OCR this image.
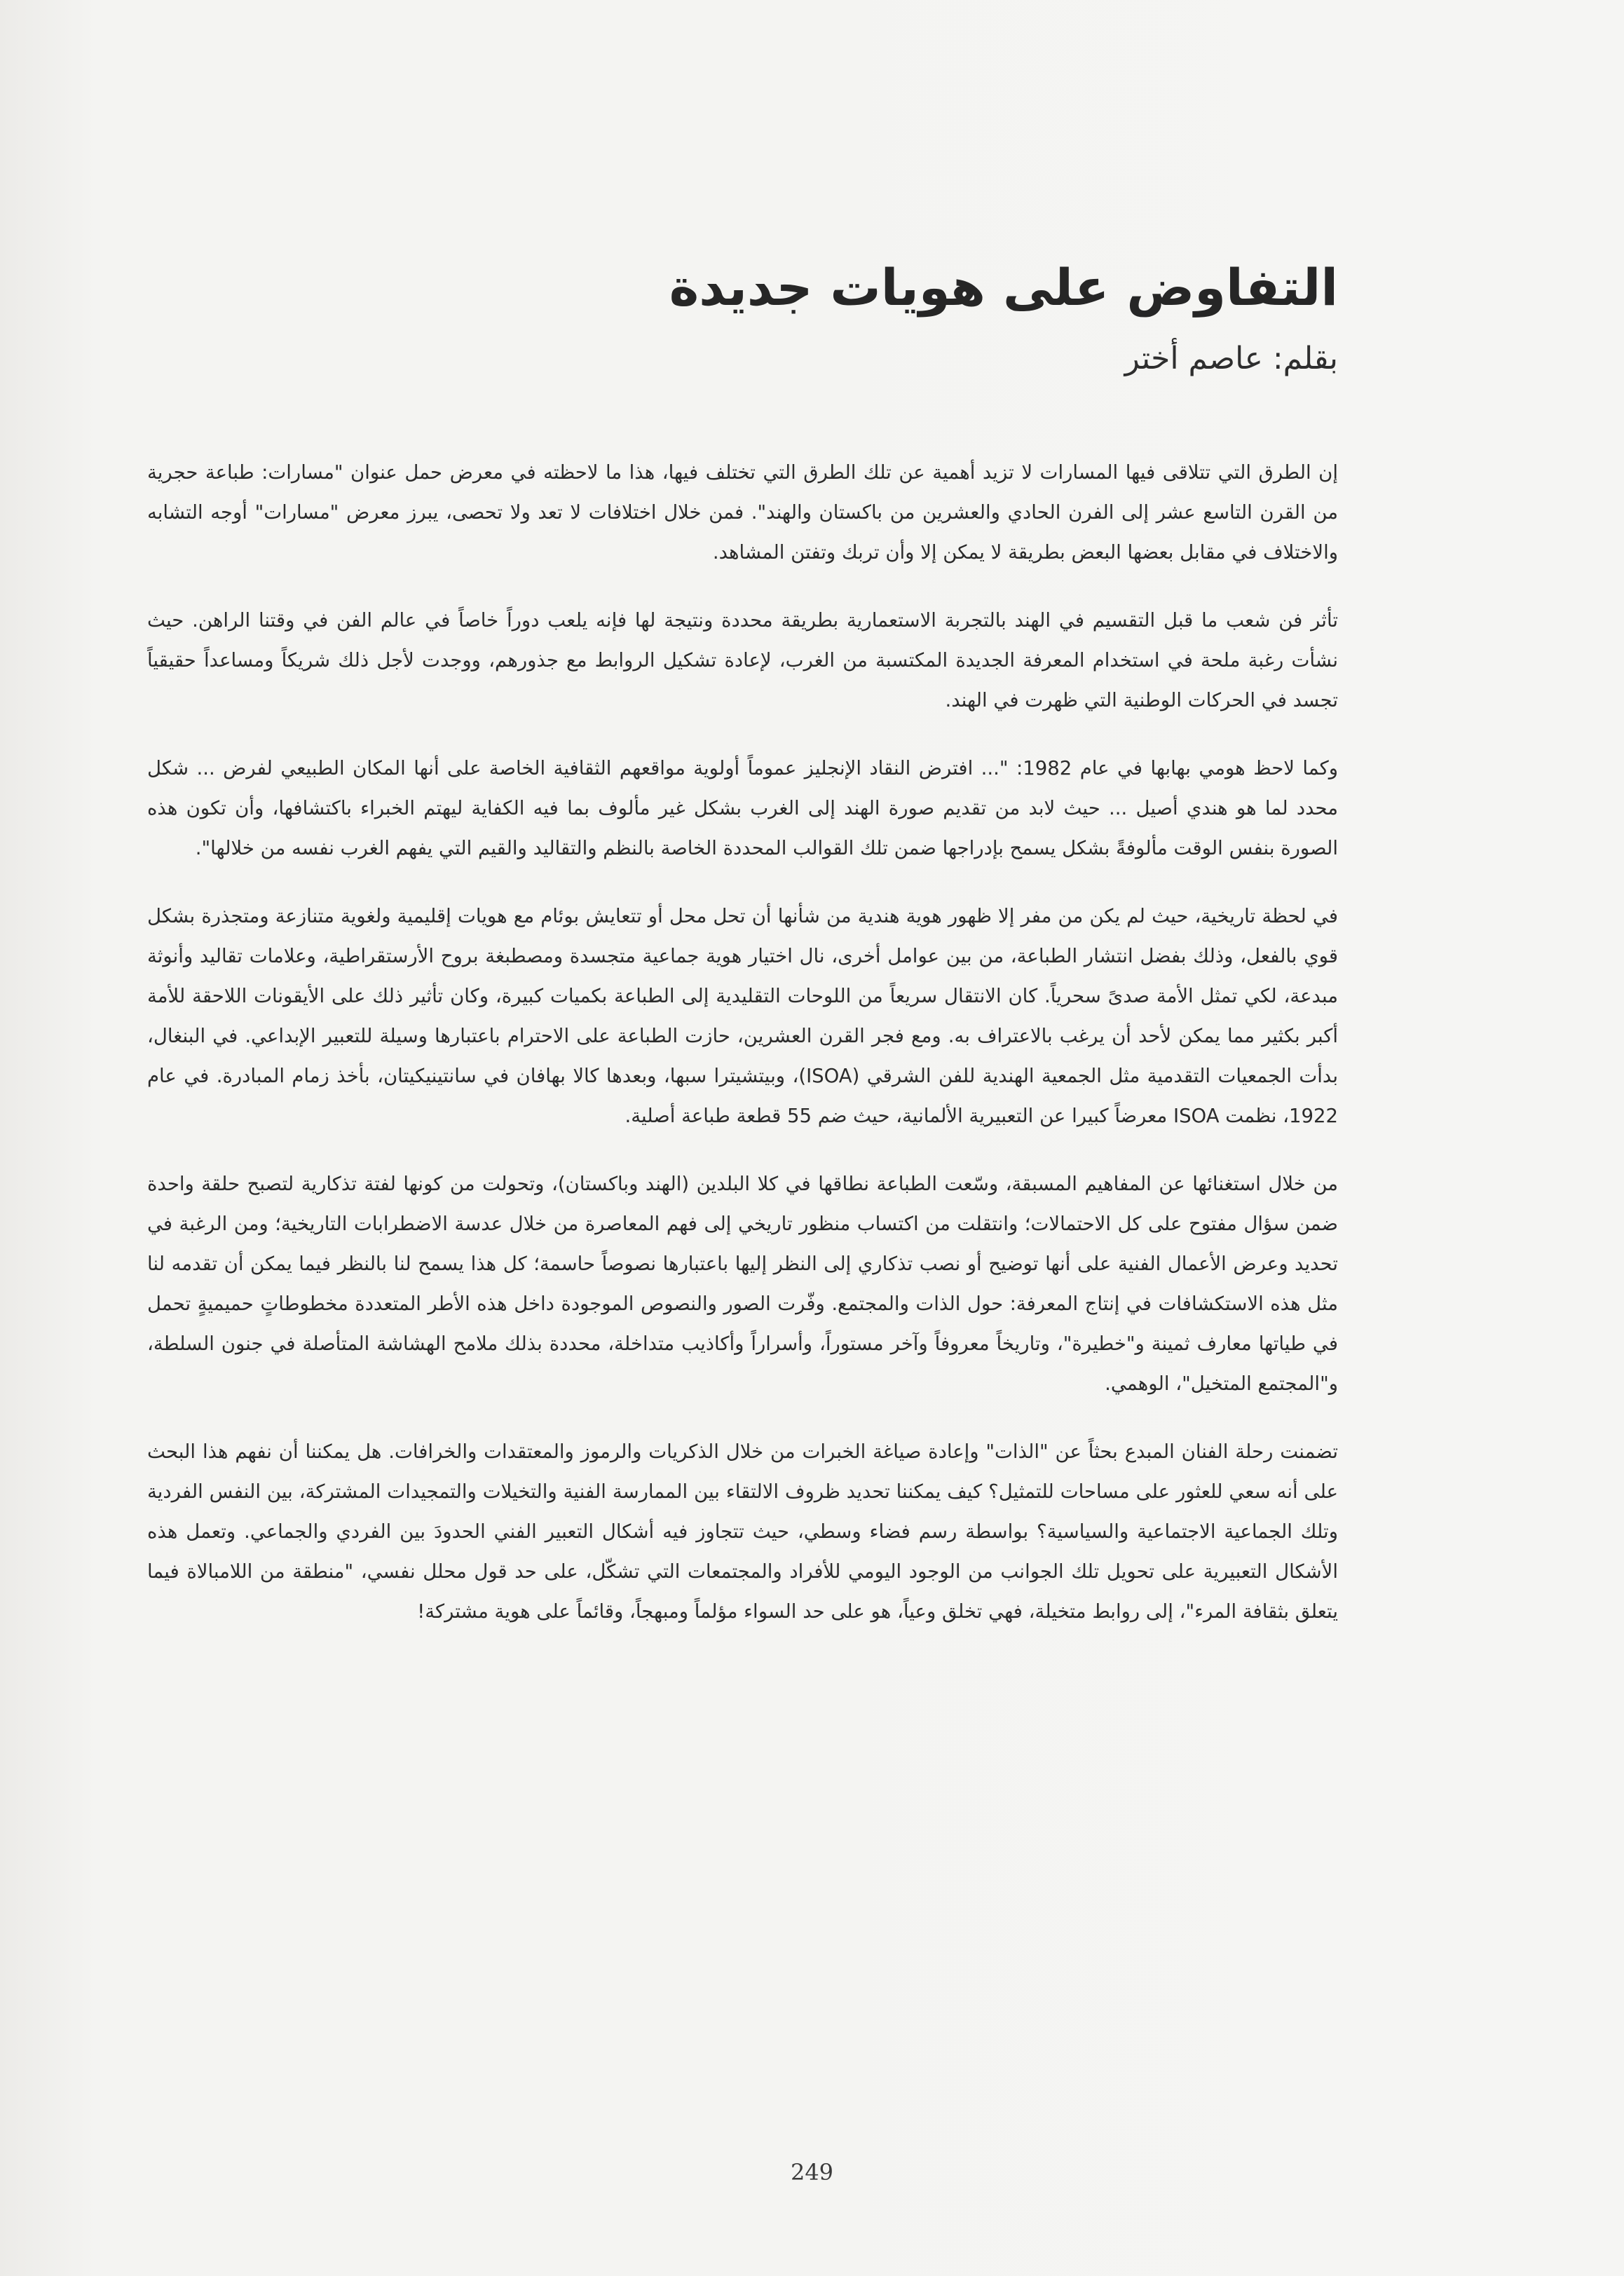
التفاوض على هويات جديدة
بقلم: عاصم أختر

إن الطرق التي تتلاقى فيها المسارات لا تزيد أهمية عن تلك الطرق التي تختلف فيها، هذا ما لاحظته في معرض حمل عنوان "مسارات: طباعة حجرية من القرن التاسع عشر إلى الفرن الحادي والعشرين من باكستان والهند". فمن خلال اختلافات لا تعد ولا تحصى، يبرز معرض "مسارات" أوجه التشابه والاختلاف في مقابل بعضها البعض بطريقة لا يمكن إلا وأن تربك وتفتن المشاهد.

تأثر فن شعب ما قبل التقسيم في الهند بالتجربة الاستعمارية بطريقة محددة ونتيجة لها فإنه يلعب دوراً خاصاً في عالم الفن في وقتنا الراهن. حيث نشأت رغبة ملحة في استخدام المعرفة الجديدة المكتسبة من الغرب، لإعادة تشكيل الروابط مع جذورهم، ووجدت لأجل ذلك شريكاً ومساعداً حقيقياً تجسد في الحركات الوطنية التي ظهرت في الهند.

وكما لاحظ هومي بهابها في عام 1982: "... افترض النقاد الإنجليز عموماً أولوية مواقعهم الثقافية الخاصة على أنها المكان الطبيعي لفرض ... شكل محدد لما هو هندي أصيل ... حيث لابد من تقديم صورة الهند إلى الغرب بشكل غير مألوف بما فيه الكفاية ليهتم الخبراء باكتشافها، وأن تكون هذه الصورة بنفس الوقت مألوفةً بشكل يسمح بإدراجها ضمن تلك القوالب المحددة الخاصة بالنظم والتقاليد والقيم التي يفهم الغرب نفسه من خلالها".

في لحظة تاريخية، حيث لم يكن من مفر إلا ظهور هوية هندية من شأنها أن تحل محل أو تتعايش بوئام مع هويات إقليمية ولغوية متنازعة ومتجذرة بشكل قوي بالفعل، وذلك بفضل انتشار الطباعة، من بين عوامل أخرى، نال اختيار هوية جماعية متجسدة ومصطبغة بروح الأرستقراطية، وعلامات تقاليد وأنوثة مبدعة، لكي تمثل الأمة صدىً سحرياً. كان الانتقال سريعاً من اللوحات التقليدية إلى الطباعة بكميات كبيرة، وكان تأثير ذلك على الأيقونات اللاحقة للأمة أكبر بكثير مما يمكن لأحد أن يرغب بالاعتراف به. ومع فجر القرن العشرين، حازت الطباعة على الاحترام باعتبارها وسيلة للتعبير الإبداعي. في البنغال، بدأت الجمعيات التقدمية مثل الجمعية الهندية للفن الشرقي (ISOA)، وبيتشيترا سبها، وبعدها كالا بهافان في سانتينيكيتان، بأخذ زمام المبادرة. في عام 1922، نظمت ISOA معرضاً كبيرا عن التعبيرية الألمانية، حيث ضم 55 قطعة طباعة أصلية.

من خلال استغنائها عن المفاهيم المسبقة، وسّعت الطباعة نطاقها في كلا البلدين (الهند وباكستان)، وتحولت من كونها لفتة تذكارية لتصبح حلقة واحدة ضمن سؤال مفتوح على كل الاحتمالات؛ وانتقلت من اكتساب منظور تاريخي إلى فهم المعاصرة من خلال عدسة الاضطرابات التاريخية؛ ومن الرغبة في تحديد وعرض الأعمال الفنية على أنها توضيح أو نصب تذكاري إلى النظر إليها باعتبارها نصوصاً حاسمة؛ كل هذا يسمح لنا بالنظر فيما يمكن أن تقدمه لنا مثل هذه الاستكشافات في إنتاج المعرفة: حول الذات والمجتمع. وفّرت الصور والنصوص الموجودة داخل هذه الأطر المتعددة مخطوطاتٍ حميميةٍ تحمل في طياتها معارف ثمينة و"خطيرة"، وتاريخاً معروفاً وآخر مستوراً، وأسراراً وأكاذيب متداخلة، محددة بذلك ملامح الهشاشة المتأصلة في جنون السلطة، و"المجتمع المتخيل"، الوهمي.

تضمنت رحلة الفنان المبدع بحثاً عن "الذات" وإعادة صياغة الخبرات من خلال الذكريات والرموز والمعتقدات والخرافات. هل يمكننا أن نفهم هذا البحث على أنه سعي للعثور على مساحات للتمثيل؟ كيف يمكننا تحديد ظروف الالتقاء بين الممارسة الفنية والتخيلات والتمجيدات المشتركة، بين النفس الفردية وتلك الجماعية الاجتماعية والسياسية؟ بواسطة رسم فضاء وسطي، حيث تتجاوز فيه أشكال التعبير الفني الحدودَ بين الفردي والجماعي. وتعمل هذه الأشكال التعبيرية على تحويل تلك الجوانب من الوجود اليومي للأفراد والمجتمعات التي تشكّل، على حد قول محلل نفسي، "منطقة من اللامبالاة فيما يتعلق بثقافة المرء"، إلى روابط متخيلة، فهي تخلق وعياً، هو على حد السواء مؤلماً ومبهجاً، وقائماً على هوية مشتركة!

249
